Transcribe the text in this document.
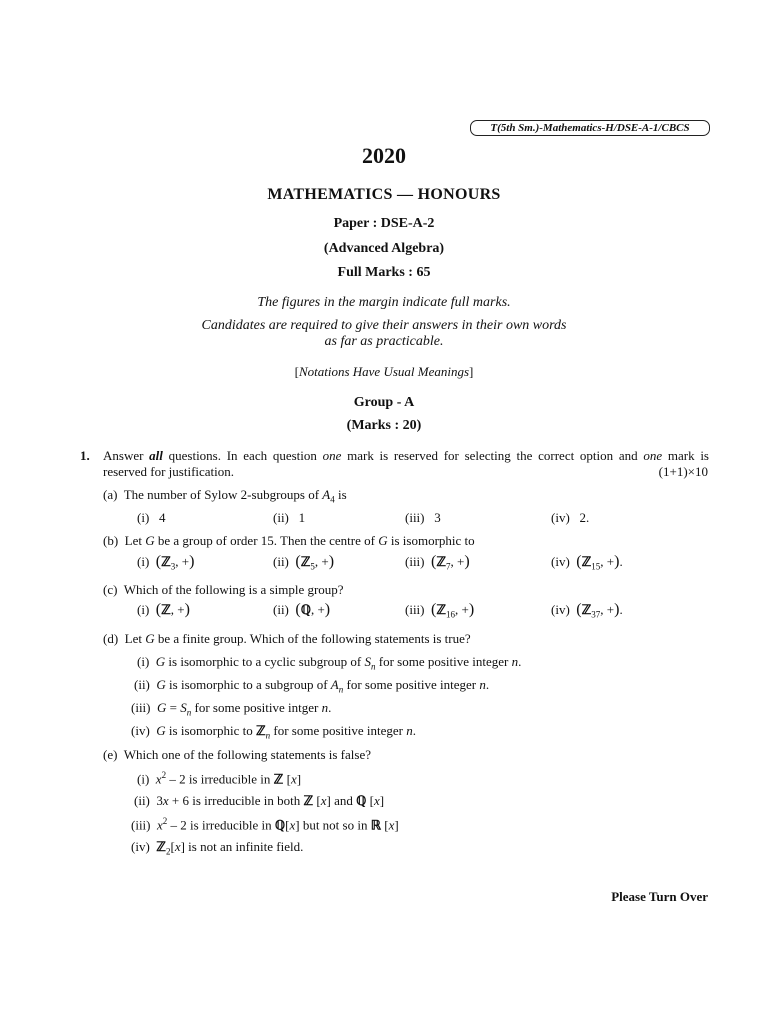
T(5th Sm.)-Mathematics-H/DSE-A-1/CBCS
2020
MATHEMATICS — HONOURS
Paper : DSE-A-2
(Advanced Algebra)
Full Marks : 65
The figures in the margin indicate full marks.
Candidates are required to give their answers in their own words
as far as practicable.
[Notations Have Usual Meanings]
Group - A
(Marks : 20)
1. Answer all questions. In each question one mark is reserved for selecting the correct option and one mark is reserved for justification.	(1+1)×10
(a) The number of Sylow 2-subgroups of $A_4$ is
(i) 4	(ii) 1	(iii) 3	(iv) 2.
(b) Let G be a group of order 15. Then the centre of G is isomorphic to
(i) (ℤ$_3$, +)	(ii) (ℤ$_5$, +)	(iii) (ℤ$_7$, +)	(iv) (ℤ$_{15}$, +).
(c) Which of the following is a simple group?
(i) (ℤ, +)	(ii) (ℚ, +)	(iii) (ℤ$_{16}$, +)	(iv) (ℤ$_{37}$, +).
(d) Let G be a finite group. Which of the following statements is true?
(i) G is isomorphic to a cyclic subgroup of $S_n$ for some positive integer n.
(ii) G is isomorphic to a subgroup of $A_n$ for some positive integer n.
(iii) $G = S_n$ for some positive intger n.
(iv) G is isomorphic to ℤ$_n$ for some positive integer n.
(e) Which one of the following statements is false?
(i) $x^2 - 2$ is irreducible in ℤ [x]
(ii) 3x + 6 is irreducible in both ℤ [x] and ℚ [x]
(iii) $x^2 - 2$ is irreducible in ℚ[x] but not so in ℝ [x]
(iv) ℤ$_2$[x] is not an infinite field.
Please Turn Over
